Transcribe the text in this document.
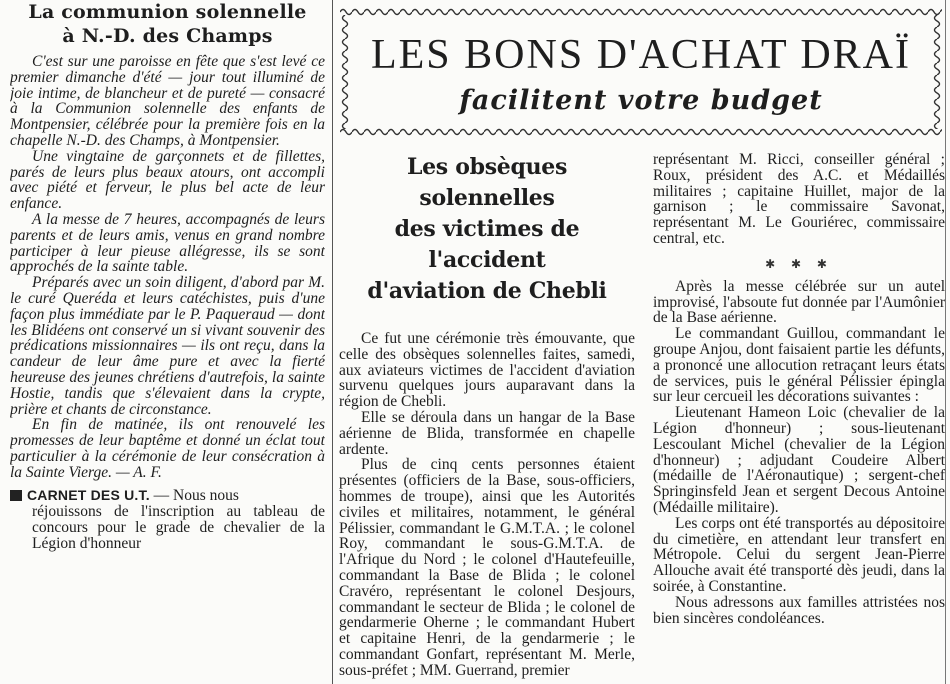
La communion solennelle
à N.-D. des Champs

C'est sur une paroisse en fête que s'est levé ce premier dimanche d'été — jour tout illuminé de joie intime, de blancheur et de pureté — consacré à la Communion solennelle des enfants de Montpensier, célébrée pour la première fois en la chapelle N.-D. des Champs, à Montpensier.

Une vingtaine de garçonnets et de fillettes, parés de leurs plus beaux atours, ont accompli avec piété et ferveur, le plus bel acte de leur enfance.

A la messe de 7 heures, accompagnés de leurs parents et de leurs amis, venus en grand nombre participer à leur pieuse allégresse, ils se sont approchés de la sainte table.

Préparés avec un soin diligent, d'abord par M. le curé Queréda et leurs catéchistes, puis d'une façon plus immédiate par le P. Paqueraud — dont les Blidéens ont conservé un si vivant souvenir des prédications missionnaires — ils ont reçu, dans la candeur de leur âme pure et avec la fierté heureuse des jeunes chrétiens d'autrefois, la sainte Hostie, tandis que s'élevaient dans la crypte, prière et chants de circonstance.

En fin de matinée, ils ont renouvelé les promesses de leur baptême et donné un éclat tout particulier à la cérémonie de leur consécration à la Sainte Vierge. — A. F.

CARNET DES U.T. — Nous nous
réjouissons de l'inscription au tableau de concours pour le grade de chevalier de la Légion d'honneur
LES BONS D'ACHAT DRAÏ
facilitent votre budget
Les obsèques solennelles
des victimes de l'accident
d'aviation de Chebli

Ce fut une cérémonie très émouvante, que celle des obsèques solennelles faites, samedi, aux aviateurs victimes de l'accident d'aviation survenu quelques jours auparavant dans la région de Chebli.

Elle se déroula dans un hangar de la Base aérienne de Blida, transformée en chapelle ardente.

Plus de cinq cents personnes étaient présentes (officiers de la Base, sous-officiers, hommes de troupe), ainsi que les Autorités civiles et militaires, notamment, le général Pélissier, commandant le G.M.T.A. ; le colonel Roy, commandant le sous-G.M.T.A. de l'Afrique du Nord ; le colonel d'Hautefeuille, commandant la Base de Blida ; le colonel Cravéro, représentant le colonel Desjours, commandant le secteur de Blida ; le colonel de gendarmerie Oherne ; le commandant Hubert et capitaine Henri, de la gendarmerie ; le commandant Gonfart, représentant M. Merle, sous-préfet ; MM. Guerrand, premier

représentant M. Ricci, conseiller général ; Roux, président des A.C. et Médaillés militaires ; capitaine Huillet, major de la garnison ; le commissaire Savonat, représentant M. Le Gouriérec, commissaire central, etc.

✱ ✱ ✱

Après la messe célébrée sur un autel improvisé, l'absoute fut donnée par l'Aumônier de la Base aérienne.

Le commandant Guillou, commandant le groupe Anjou, dont faisaient partie les défunts, a prononcé une allocution retraçant leurs états de services, puis le général Pélissier épingla sur leur cercueil les décorations suivantes :

Lieutenant Hameon Loic (chevalier de la Légion d'honneur) ; sous-lieutenant Lescoulant Michel (chevalier de la Légion d'honneur) ; adjudant Coudeire Albert (médaille de l'Aéronautique) ; sergent-chef Springinsfeld Jean et sergent Decous Antoine (Médaille militaire).

Les corps ont été transportés au dépositoire du cimetière, en attendant leur transfert en Métropole. Celui du sergent Jean-Pierre Allouche avait été transporté dès jeudi, dans la soirée, à Constantine.

Nous adressons aux familles attristées nos bien sincères condoléances.
